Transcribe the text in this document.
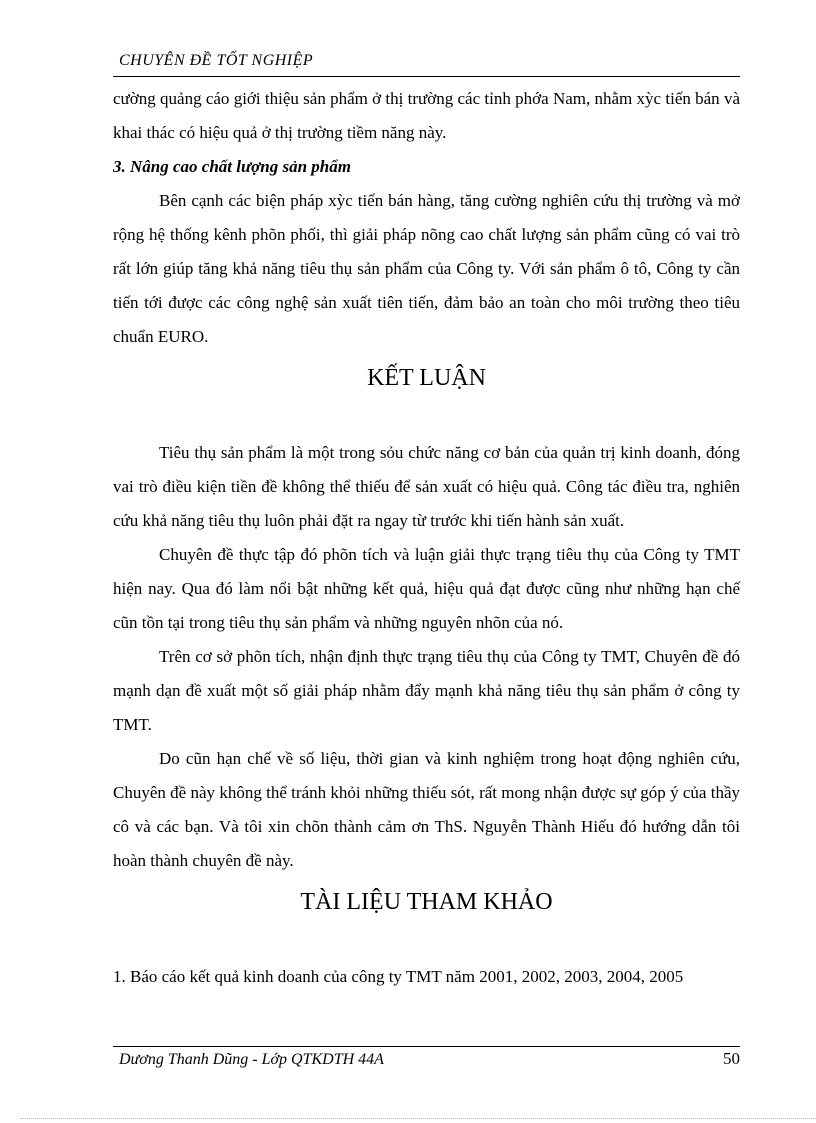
CHUYÊN ĐỀ TỐT NGHIỆP

cường quảng cáo giới thiệu sản phẩm ở thị trường các tỉnh phớa Nam, nhằm xỳc tiến bán và khai thác có hiệu quả ở thị trường tiềm năng này.

3. Nâng cao chất lượng sản phẩm

Bên cạnh các biện pháp xỳc tiến bán hàng, tăng cường nghiên cứu thị trường và mở rộng hệ thống kênh phõn phối, thì giải pháp nõng cao chất lượng sản phẩm cũng có vai trò rất lớn giúp tăng khả năng tiêu thụ sản phẩm của Công ty. Với sản phẩm ô tô, Công ty cần tiến tới được các công nghệ sản xuất tiên tiến, đảm bảo an toàn cho môi trường theo tiêu chuẩn EURO.

KẾT LUẬN

Tiêu thụ sản phẩm là một trong sỏu chức năng cơ bản của quản trị kinh doanh, đóng vai trò điều kiện tiền đề không thể thiếu để sản xuất có hiệu quả. Công tác điều tra, nghiên cứu khả năng tiêu thụ luôn phải đặt ra ngay từ trước khi tiến hành sản xuất.

Chuyên đề thực tập đó phõn tích và luận giải thực trạng tiêu thụ của Công ty TMT hiện nay. Qua đó làm nổi bật những kết quả, hiệu quả đạt được cũng như những hạn chế cũn tồn tại trong tiêu thụ sản phẩm và những nguyên nhõn của nó.

Trên cơ sở phõn tích, nhận định thực trạng tiêu thụ của Công ty TMT, Chuyên đề đó mạnh dạn đề xuất một số giải pháp nhằm đẩy mạnh khả năng tiêu thụ sản phẩm ở công ty TMT.

Do cũn hạn chế về số liệu, thời gian và kinh nghiệm trong hoạt động nghiên cứu, Chuyên đề này không thể tránh khỏi những thiếu sót, rất mong nhận được sự góp ý của thầy cô và các bạn. Và tôi xin chõn thành cảm ơn ThS. Nguyễn Thành Hiếu đó hướng dẫn tôi hoàn thành chuyên đề này.

TÀI LIỆU THAM KHẢO

1. Báo cáo kết quả kinh doanh của công ty TMT năm 2001, 2002, 2003, 2004, 2005

Dương Thanh Dũng - Lớp QTKDTH 44A	50
